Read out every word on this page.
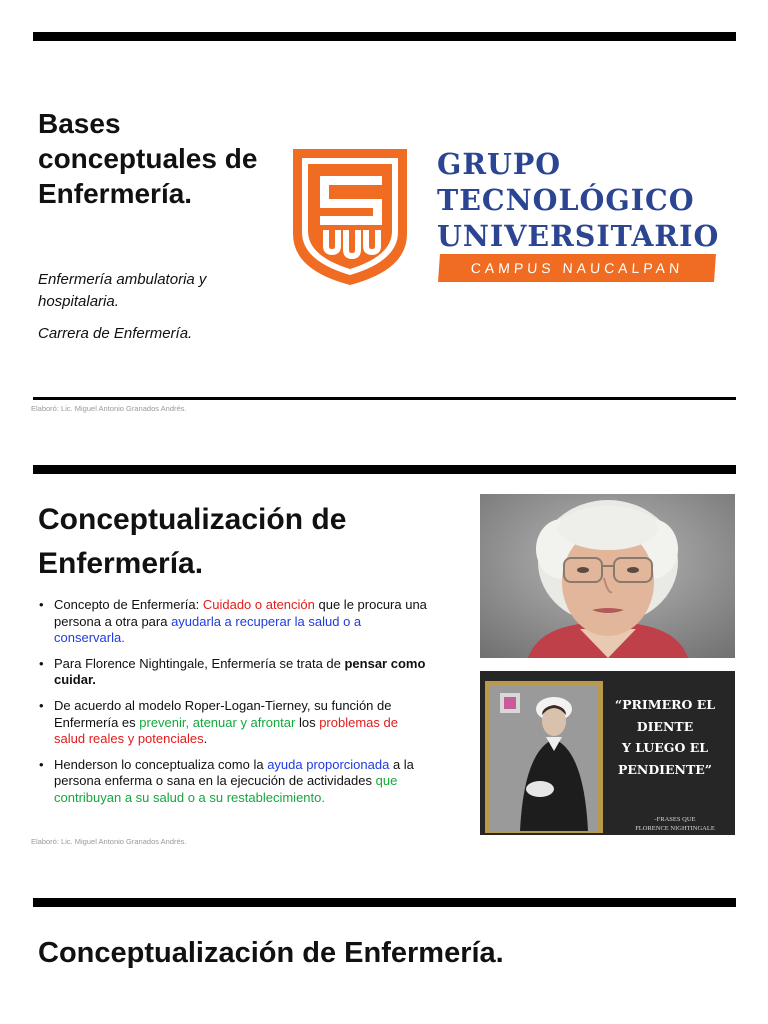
Bases conceptuales de Enfermería.
Enfermería ambulatoria y hospitalaria.
Carrera de Enfermería.
GRUPO
TECNOLÓGICO
UNIVERSITARIO
CAMPUS NAUCALPAN
Elaboró: Lic. Miguel Antonio Granados Andrés.
Conceptualización de Enfermería.
• Concepto de Enfermería: Cuidado o atención que le procura una persona a otra para ayudarla a recuperar la salud o a conservarla.
• Para Florence Nightingale, Enfermería se trata de pensar como cuidar.
• De acuerdo al modelo Roper-Logan-Tierney, su función de Enfermería es prevenir, atenuar y afrontar los problemas de salud reales y potenciales.
• Henderson lo conceptualiza como la ayuda proporcionada a la persona enferma o sana en la ejecución de actividades que contribuyan a su salud o a su restablecimiento.
“PRIMERO EL
DIENTE
Y LUEGO EL
PENDIENTE”
-FRASES QUE
FLORENCE NIGHTINGALE
Elaboró: Lic. Miguel Antonio Granados Andrés.
Conceptualización de Enfermería.
